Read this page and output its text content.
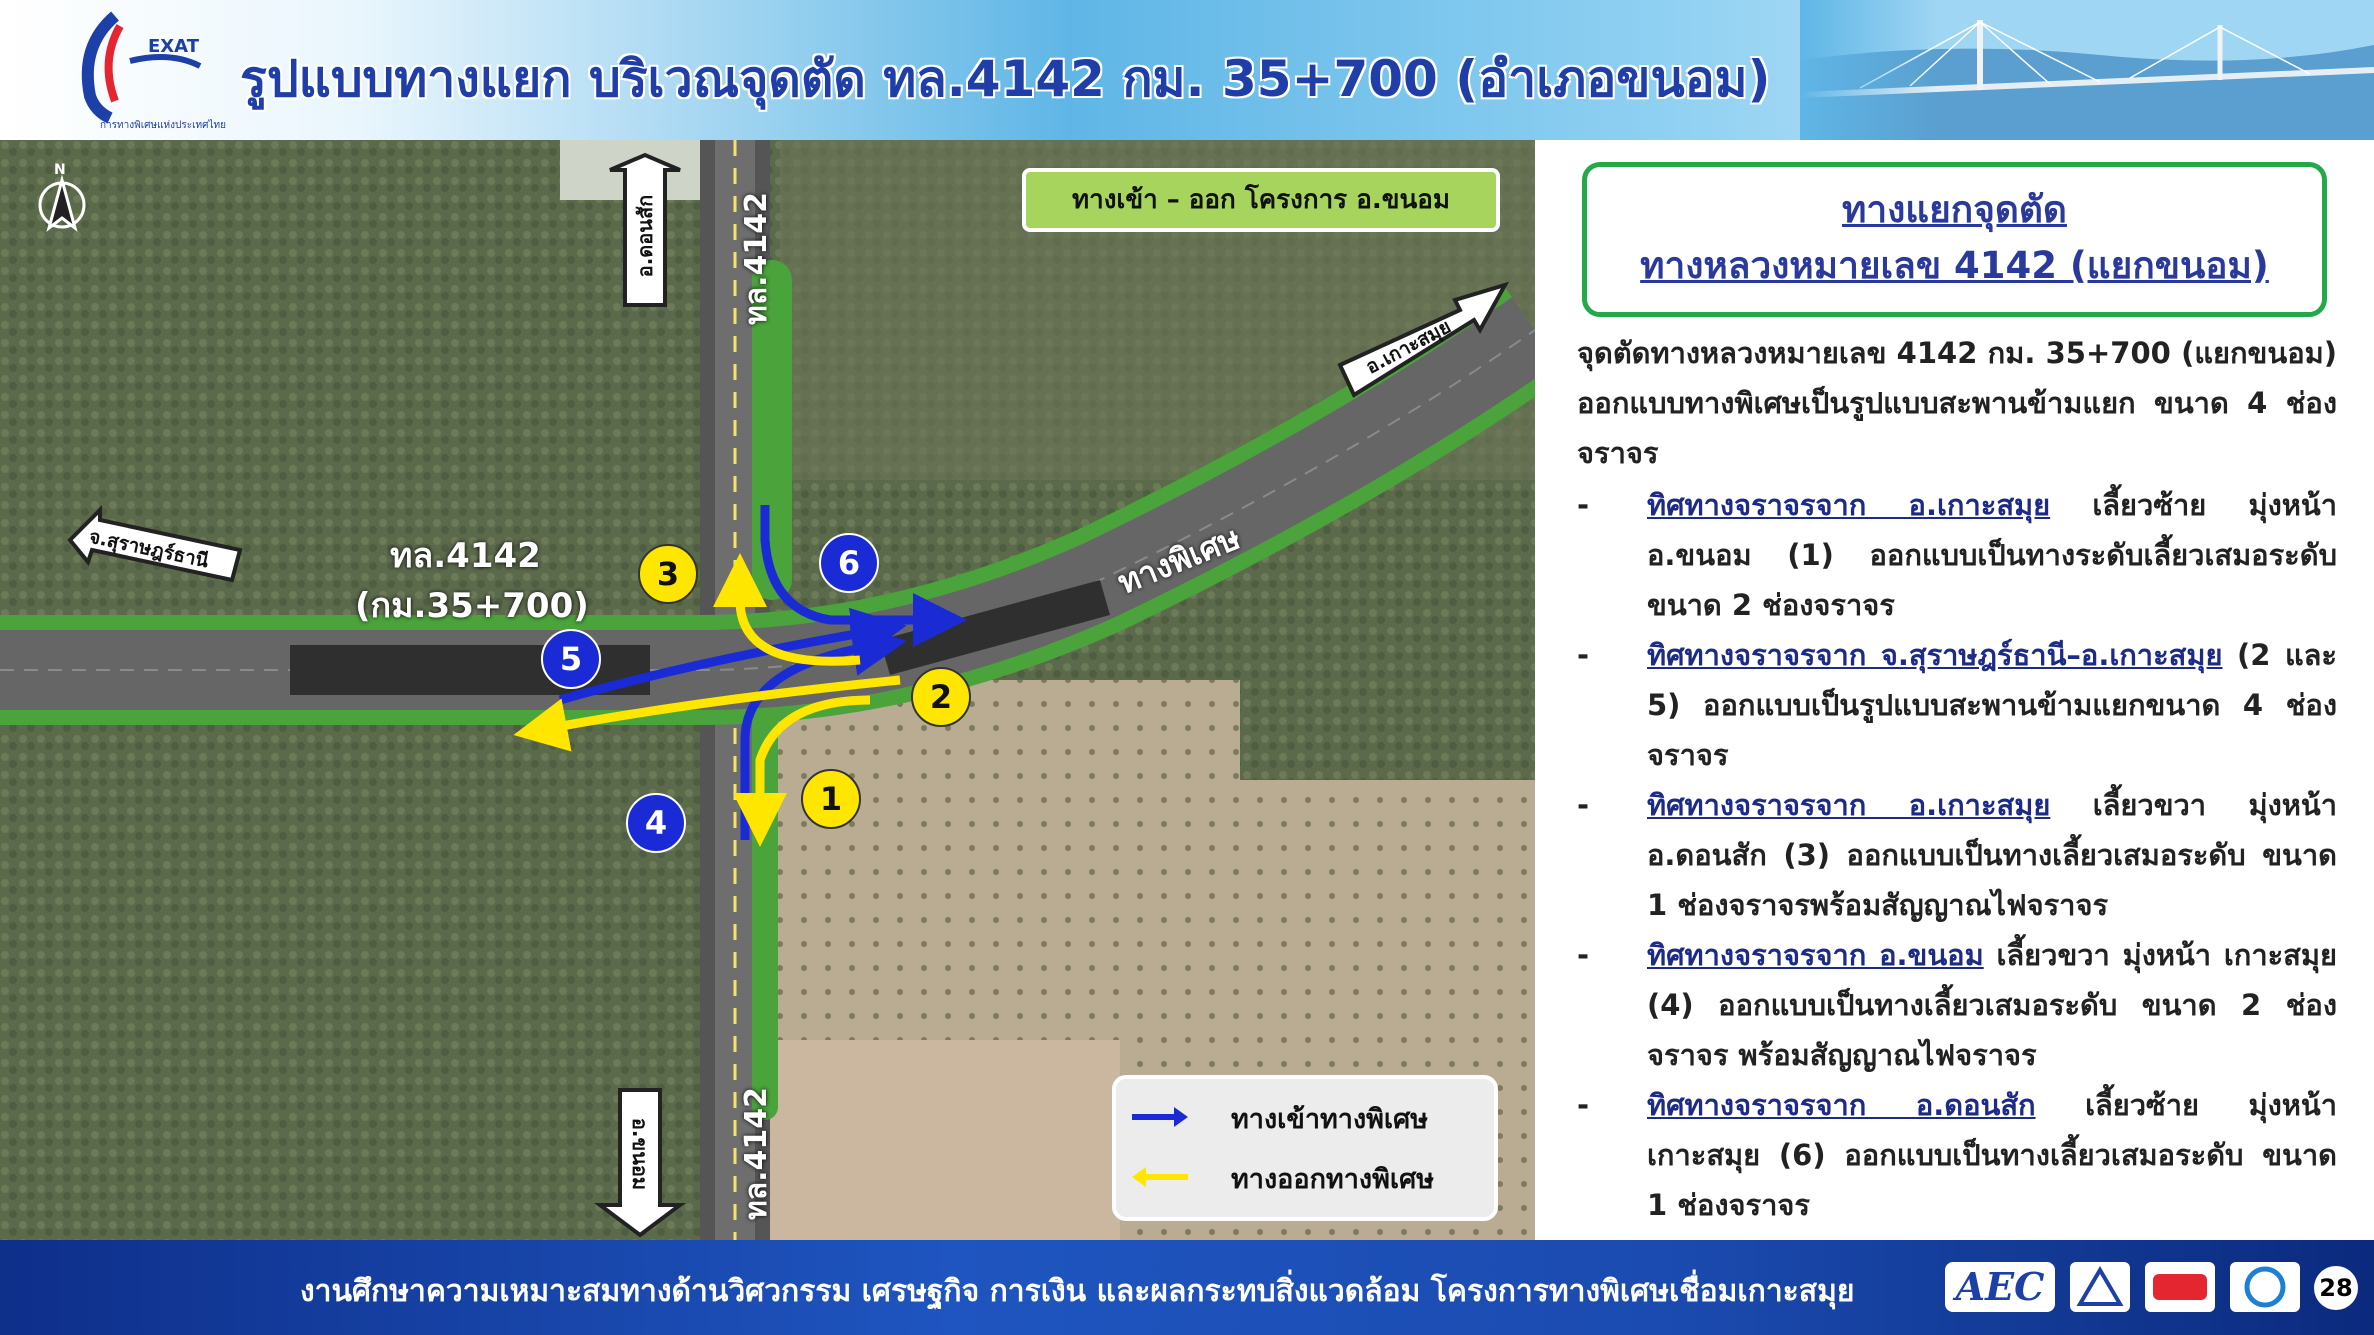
EXAT
การทางพิเศษแห่งประเทศไทย
รูปแบบทางแยก บริเวณจุดตัด ทล.4142 กม. 35+700 (อำเภอขนอม)
ทางเข้า – ออก โครงการ อ.ขนอม
N
ทล.4142
(กม.35+700)
ทล.4142
ทล.4142
ทางพิเศษ
อ.ดอนสัก
อ.ขนอม
จ.สุราษฎร์ธานี
อ.เกาะสมุย
1
2
3
4
5
6
ทางเข้าทางพิเศษ
ทางออกทางพิเศษ
ทางแยกจุดตัด
ทางหลวงหมายเลข 4142 (แยกขนอม)
จุดตัดทางหลวงหมายเลข 4142 กม. 35+700 (แยกขนอม) ออกแบบทางพิเศษเป็นรูปแบบสะพานข้ามแยก ขนาด 4 ช่องจราจร
- ทิศทางจราจรจาก อ.เกาะสมุย เลี้ยวซ้าย มุ่งหน้า อ.ขนอม (1) ออกแบบเป็นทางระดับเลี้ยวเสมอระดับ ขนาด 2 ช่องจราจร
- ทิศทางจราจรจาก จ.สุราษฎร์ธานี–อ.เกาะสมุย (2 และ 5) ออกแบบเป็นรูปแบบสะพานข้ามแยกขนาด 4 ช่องจราจร
- ทิศทางจราจรจาก อ.เกาะสมุย เลี้ยวขวา มุ่งหน้า อ.ดอนสัก (3) ออกแบบเป็นทางเลี้ยวเสมอระดับ ขนาด 1 ช่องจราจรพร้อมสัญญาณไฟจราจร
- ทิศทางจราจรจาก อ.ขนอม เลี้ยวขวา มุ่งหน้า เกาะสมุย (4) ออกแบบเป็นทางเลี้ยวเสมอระดับ ขนาด 2 ช่องจราจร พร้อมสัญญาณไฟจราจร
- ทิศทางจราจรจาก อ.ดอนสัก เลี้ยวซ้าย มุ่งหน้า เกาะสมุย (6) ออกแบบเป็นทางเลี้ยวเสมอระดับ ขนาด 1 ช่องจราจร
งานศึกษาความเหมาะสมทางด้านวิศวกรรม เศรษฐกิจ การเงิน และผลกระทบสิ่งแวดล้อม โครงการทางพิเศษเชื่อมเกาะสมุย	AEC	28
